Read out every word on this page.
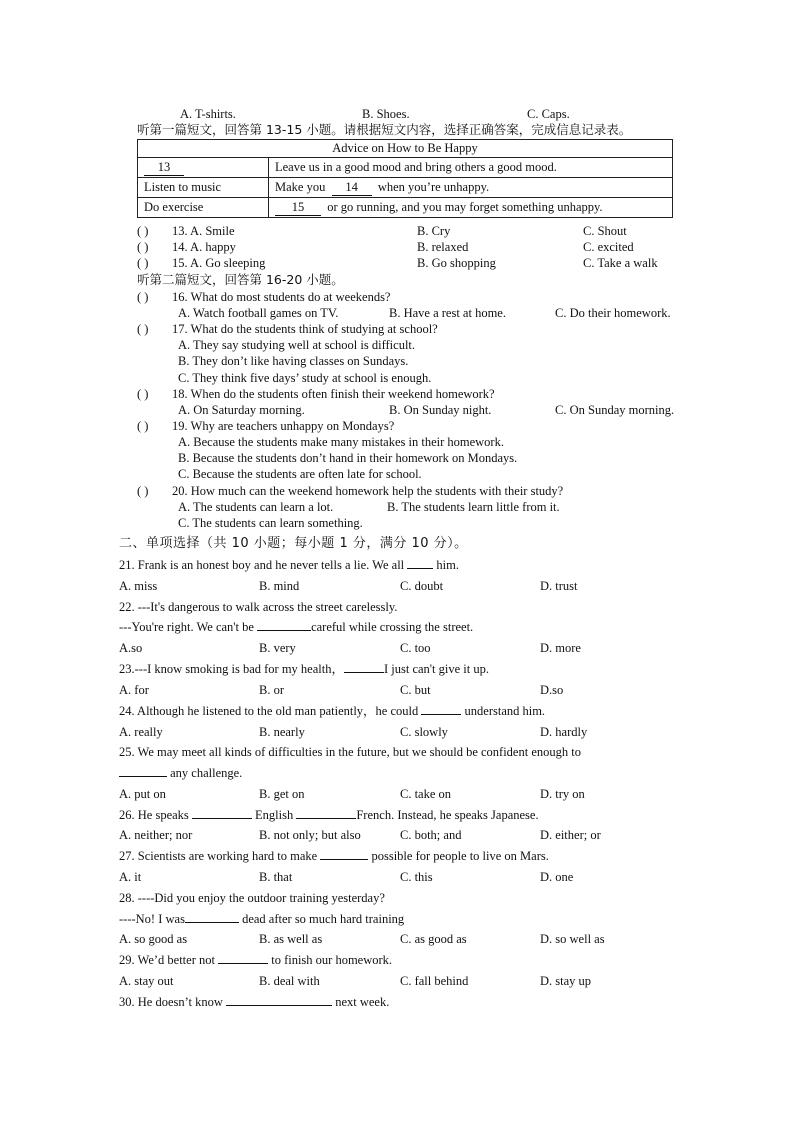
A. T-shirts.	B. Shoes.	C. Caps.
听第一篇短文，回答第 13-15 小题。请根据短文内容，选择正确答案，完成信息记录表。
Advice on How to Be Happy	
13	Leave us in a good mood and bring others a good mood.
Listen to music	Make you 14 when you’re unhappy.
Do exercise	15 or go running, and you may forget something unhappy.
( ) 13. A. Smile	B. Cry	C. Shout
( ) 14. A. happy	B. relaxed	C. excited
( ) 15. A. Go sleeping	B. Go shopping	C. Take a walk
听第二篇短文，回答第 16-20 小题。
( ) 16. What do most students do at weekends?
A. Watch football games on TV.	B. Have a rest at home.	C. Do their homework.
( ) 17. What do the students think of studying at school?
A. They say studying well at school is difficult.
B. They don’t like having classes on Sundays.
C. They think five days’ study at school is enough.
( ) 18. When do the students often finish their weekend homework?
A. On Saturday morning.	B. On Sunday night.	C. On Sunday morning.
( ) 19. Why are teachers unhappy on Mondays?
A. Because the students make many mistakes in their homework.
B. Because the students don’t hand in their homework on Mondays.
C. Because the students are often late for school.
( ) 20. How much can the weekend homework help the students with their study?
A. The students can learn a lot.	B. The students learn little from it.
C. The students can learn something.
二、单项选择（共 10 小题；每小题 1 分，满分 10 分）。
21. Frank is an honest boy and he never tells a lie. We all	him.
A. miss	B. mind	C. doubt	D. trust
22. ---It's dangerous to walk across the street carelessly.
---You're right. We can't be	careful while crossing the street.
A.so	B. very	C. too	D. more
23.---I know smoking is bad for my health，	I just can't give it up.
A. for	B. or	C. but	D.so
24. Although he listened to the old man patiently，he could	understand him.
A. really	B. nearly	C. slowly	D. hardly
25. We may meet all kinds of difficulties in the future, but we should be confident enough to
any challenge.
A. put on	B. get on	C. take on	D. try on
26. He speaks	English	French. Instead, he speaks Japanese.
A. neither; nor	B. not only; but also	C. both; and	D. either; or
27. Scientists are working hard to make	possible for people to live on Mars.
A. it	B. that	C. this	D. one
28. ----Did you enjoy the outdoor training yesterday?
----No! I was	dead after so much hard training
A. so good as	B. as well as	C. as good as	D. so well as
29. We’d better not	to finish our homework.
A. stay out	B. deal with	C. fall behind	D. stay up
30. He doesn’t know	next week.
